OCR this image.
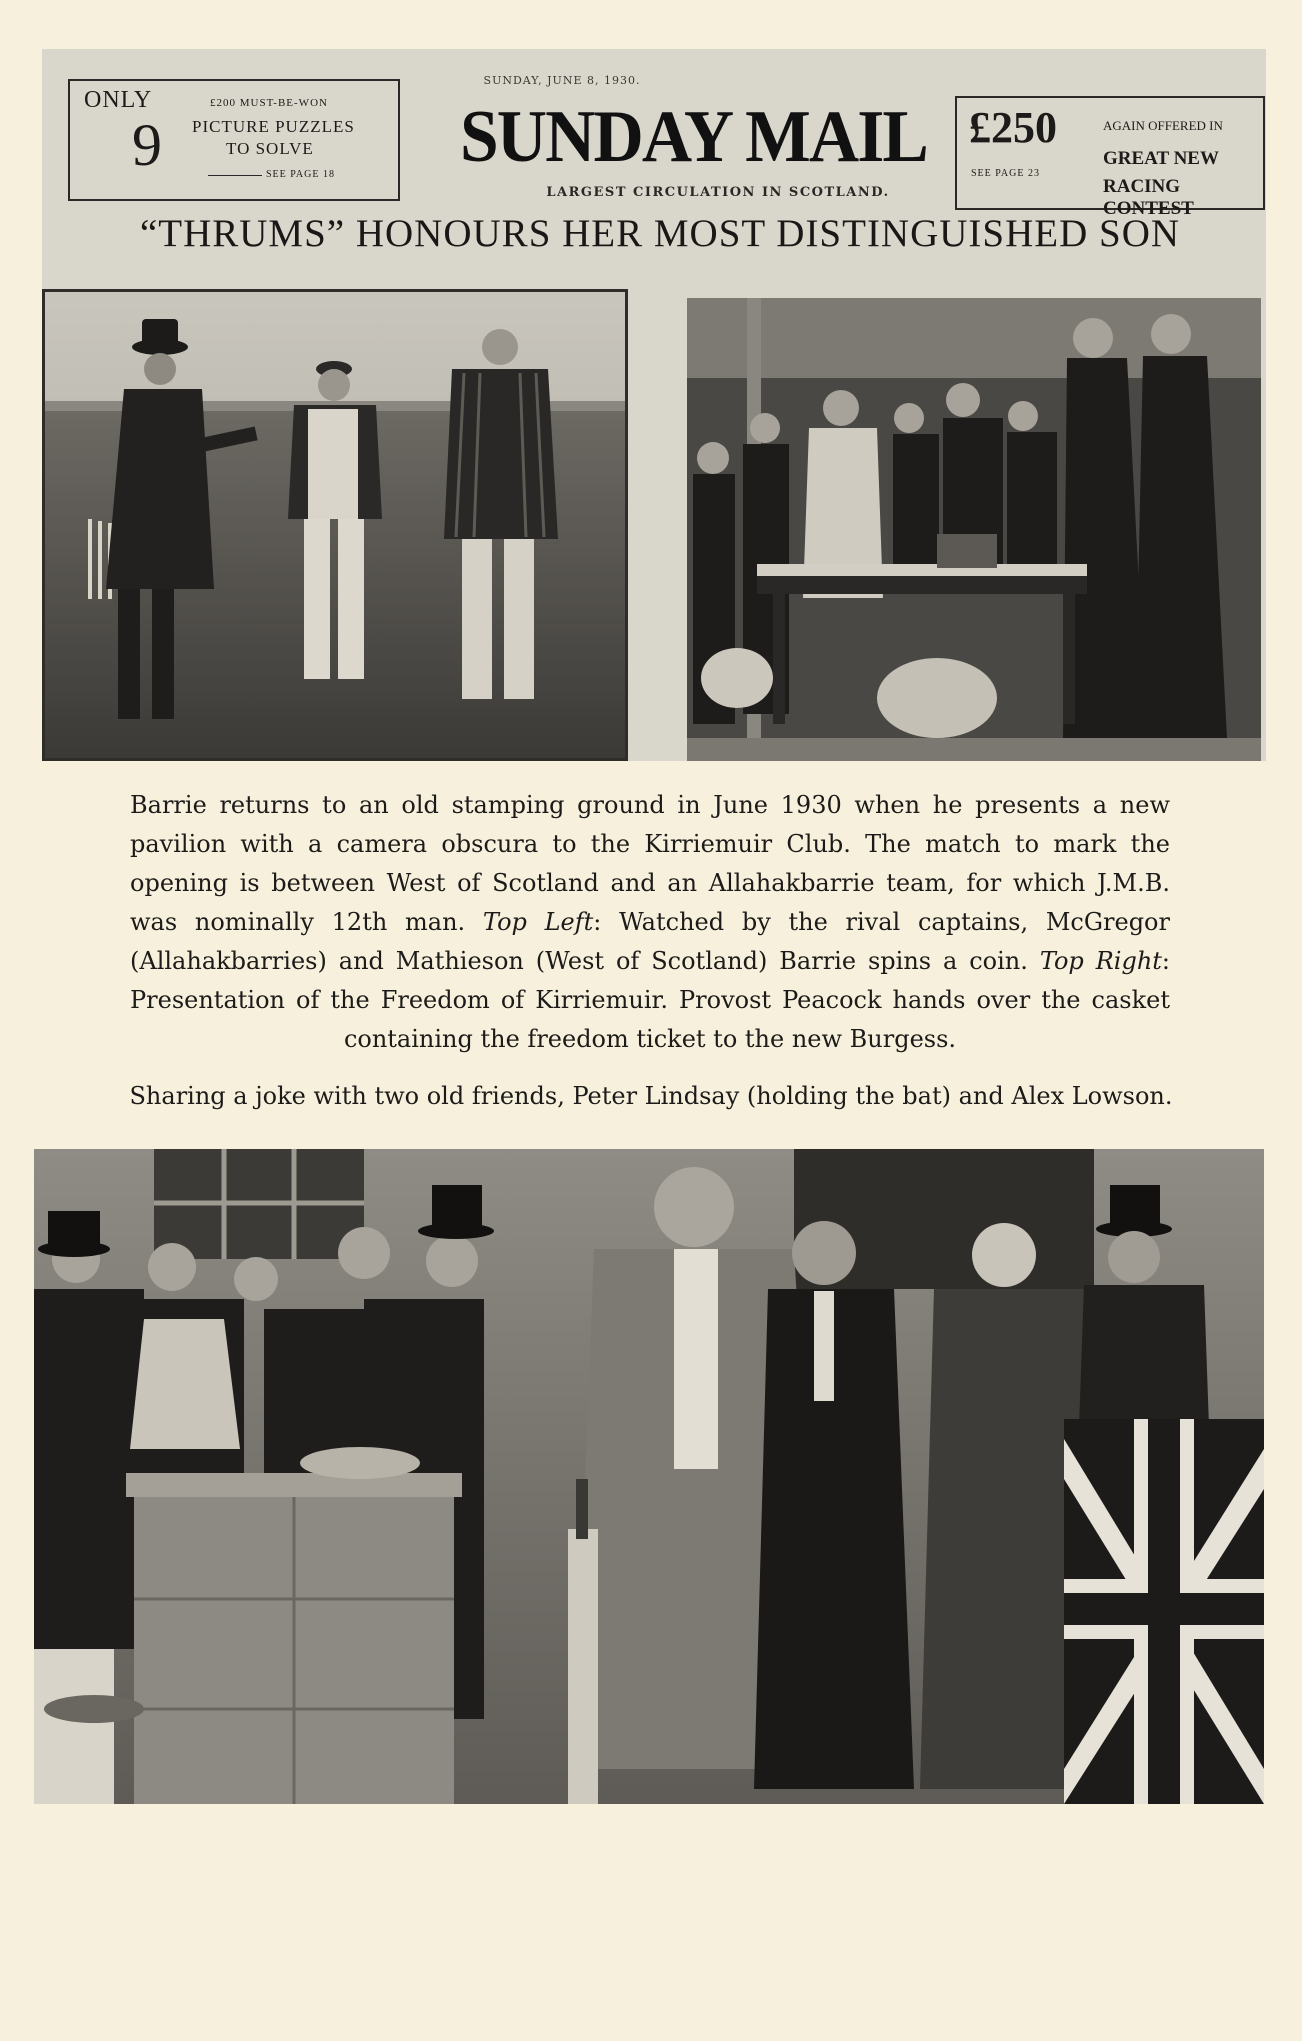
ONLY
9
£200 MUST-BE-WON
PICTURE PUZZLES
TO SOLVE
SEE PAGE 18
SUNDAY, JUNE 8, 1930.
SUNDAY MAIL
LARGEST CIRCULATION IN SCOTLAND.
£250
SEE PAGE 23
AGAIN OFFERED IN
GREAT NEW
RACING CONTEST
“THRUMS” HONOURS HER MOST DISTINGUISHED SON
Barrie returns to an old stamping ground in June 1930 when he presents a new pavilion with a camera obscura to the Kirriemuir Club. The match to mark the opening is between West of Scotland and an Allahakbarrie team, for which J.M.B. was nominally 12th man. Top Left: Watched by the rival captains, McGregor (Allahakbarries) and Mathieson (West of Scotland) Barrie spins a coin. Top Right: Presentation of the Freedom of Kirriemuir. Provost Peacock hands over the casket containing the freedom ticket to the new Burgess.
Sharing a joke with two old friends, Peter Lindsay (holding the bat) and Alex Lowson.
